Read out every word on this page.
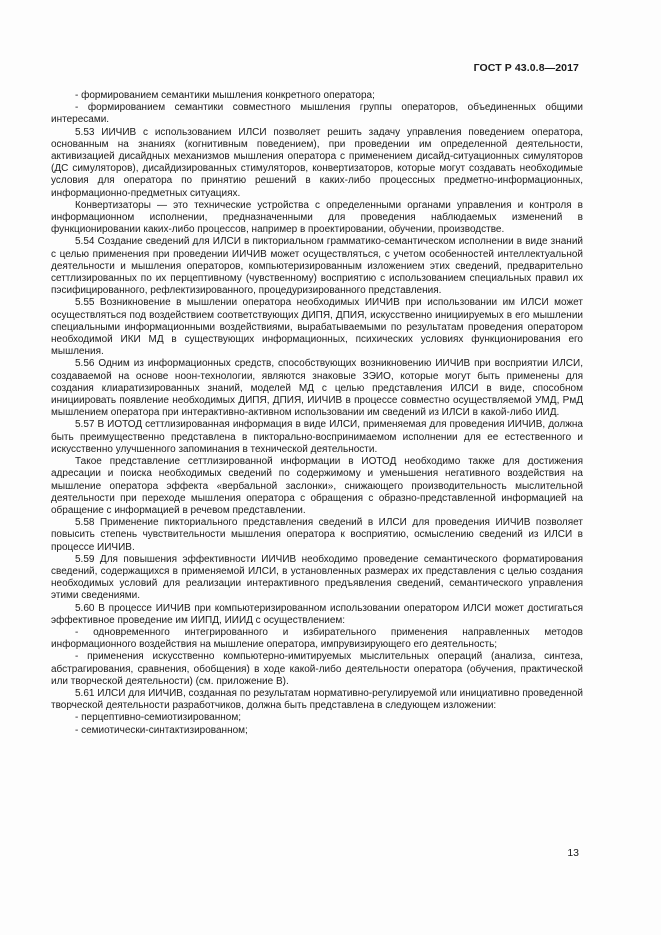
ГОСТ Р 43.0.8—2017

- формированием семантики мышления конкретного оператора;

- формированием семантики совместного мышления группы операторов, объединенных общими интересами.

5.53 ИИЧИВ с использованием ИЛСИ позволяет решить задачу управления поведением оператора, основанным на знаниях (когнитивным поведением), при проведении им определенной деятельности, активизацией дисайдных механизмов мышления оператора с применением дисайд-ситуационных симуляторов (ДС симуляторов), дисайдизированных стимуляторов, конвертизаторов, которые могут создавать необходимые условия для оператора по принятию решений в каких-либо процессных предметно-информационных, информационно-предметных ситуациях.

Конвертизаторы — это технические устройства с определенными органами управления и контроля в информационном исполнении, предназначенными для проведения наблюдаемых изменений в функционировании каких-либо процессов, например в проектировании, обучении, производстве.

5.54 Создание сведений для ИЛСИ в пикториальном грамматико-семантическом исполнении в виде знаний с целью применения при проведении ИИЧИВ может осуществляться, с учетом особенностей интеллектуальной деятельности и мышления операторов, компьютеризированным изложением этих сведений, предварительно сеттлизированных по их перцептивному (чувственному) восприятию с использованием специальных правил их пэсифицированного, рефлектизированного, процедуризированного представления.

5.55 Возникновение в мышлении оператора необходимых ИИЧИВ при использовании им ИЛСИ может осуществляться под воздействием соответствующих ДИПЯ, ДПИЯ, искусственно инициируемых в его мышлении специальными информационными воздействиями, вырабатываемыми по результатам проведения оператором необходимой ИКИ МД в существующих информационных, психических условиях функционирования его мышления.

5.56 Одним из информационных средств, способствующих возникновению ИИЧИВ при восприятии ИЛСИ, создаваемой на основе ноон-технологии, являются знаковые ЗЭИО, которые могут быть применены для создания клиаратизированных знаний, моделей МД с целью представления ИЛСИ в виде, способном инициировать появление необходимых ДИПЯ, ДПИЯ, ИИЧИВ в процессе совместно осуществляемой УМД, РмД мышлением оператора при интерактивно-активном использовании им сведений из ИЛСИ в какой-либо ИИД.

5.57 В ИОТОД сеттлизированная информация в виде ИЛСИ, применяемая для проведения ИИЧИВ, должна быть преимущественно представлена в пикторально-воспринимаемом исполнении для ее естественного и искусственно улучшенного запоминания в технической деятельности.

Такое представление сеттлизированной информации в ИОТОД необходимо также для достижения адресации и поиска необходимых сведений по содержимому и уменьшения негативного воздействия на мышление оператора эффекта «вербальной заслонки», снижающего производительность мыслительной деятельности при переходе мышления оператора с обращения с образно-представленной информацией на обращение с информацией в речевом представлении.

5.58 Применение пикториального представления сведений в ИЛСИ для проведения ИИЧИВ позволяет повысить степень чувствительности мышления оператора к восприятию, осмыслению сведений из ИЛСИ в процессе ИИЧИВ.

5.59 Для повышения эффективности ИИЧИВ необходимо проведение семантического форматирования сведений, содержащихся в применяемой ИЛСИ, в установленных размерах их представления с целью создания необходимых условий для реализации интерактивного предъявления сведений, семантического управления этими сведениями.

5.60 В процессе ИИЧИВ при компьютеризированном использовании оператором ИЛСИ может достигаться эффективное проведение им ИИПД, ИИИД с осуществлением:

- одновременного интегрированного и избирательного применения направленных методов информационного воздействия на мышление оператора, импрувизирующего его деятельность;

- применения искусственно компьютерно-имитируемых мыслительных операций (анализа, синтеза, абстрагирования, сравнения, обобщения) в ходе какой-либо деятельности оператора (обучения, практической или творческой деятельности) (см. приложение В).

5.61 ИЛСИ для ИИЧИВ, созданная по результатам нормативно-регулируемой или инициативно проведенной творческой деятельности разработчиков, должна быть представлена в следующем изложении:

- перцептивно-семиотизированном;

- семиотически-синтактизированном;

13
